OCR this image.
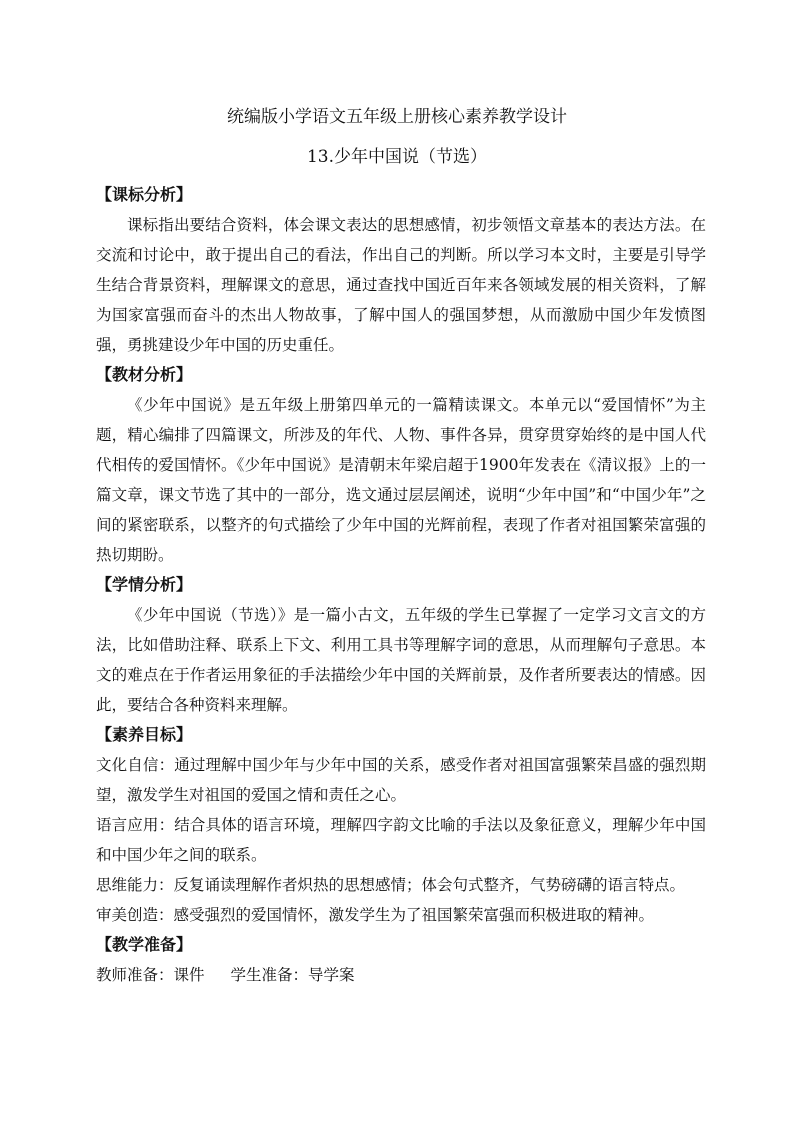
统编版小学语文五年级上册核心素养教学设计
13.少年中国说（节选）

【课标分析】

课标指出要结合资料，体会课文表达的思想感情，初步领悟文章基本的表达方法。在交流和讨论中，敢于提出自己的看法，作出自己的判断。所以学习本文时，主要是引导学生结合背景资料，理解课文的意思，通过查找中国近百年来各领域发展的相关资料，了解为国家富强而奋斗的杰出人物故事，了解中国人的强国梦想，从而激励中国少年发愤图强，勇挑建设少年中国的历史重任。

【教材分析】

《少年中国说》是五年级上册第四单元的一篇精读课文。本单元以“爱国情怀”为主题，精心编排了四篇课文，所涉及的年代、人物、事件各异，贯穿贯穿始终的是中国人代代相传的爱国情怀。《少年中国说》是清朝末年梁启超于1900年发表在《清议报》上的一篇文章，课文节选了其中的一部分，选文通过层层阐述，说明“少年中国”和“中国少年”之间的紧密联系，以整齐的句式描绘了少年中国的光辉前程，表现了作者对祖国繁荣富强的热切期盼。

【学情分析】

《少年中国说（节选）》是一篇小古文，五年级的学生已掌握了一定学习文言文的方法，比如借助注释、联系上下文、利用工具书等理解字词的意思，从而理解句子意思。本文的难点在于作者运用象征的手法描绘少年中国的关辉前景，及作者所要表达的情感。因此，要结合各种资料来理解。

【素养目标】

文化自信：通过理解中国少年与少年中国的关系，感受作者对祖国富强繁荣昌盛的强烈期望，激发学生对祖国的爱国之情和责任之心。

语言应用：结合具体的语言环境，理解四字韵文比喻的手法以及象征意义，理解少年中国和中国少年之间的联系。

思维能力：反复诵读理解作者炽热的思想感情；体会句式整齐，气势磅礴的语言特点。

审美创造：感受强烈的爱国情怀，激发学生为了祖国繁荣富强而积极进取的精神。

【教学准备】

教师准备：课件 学生准备：导学案
